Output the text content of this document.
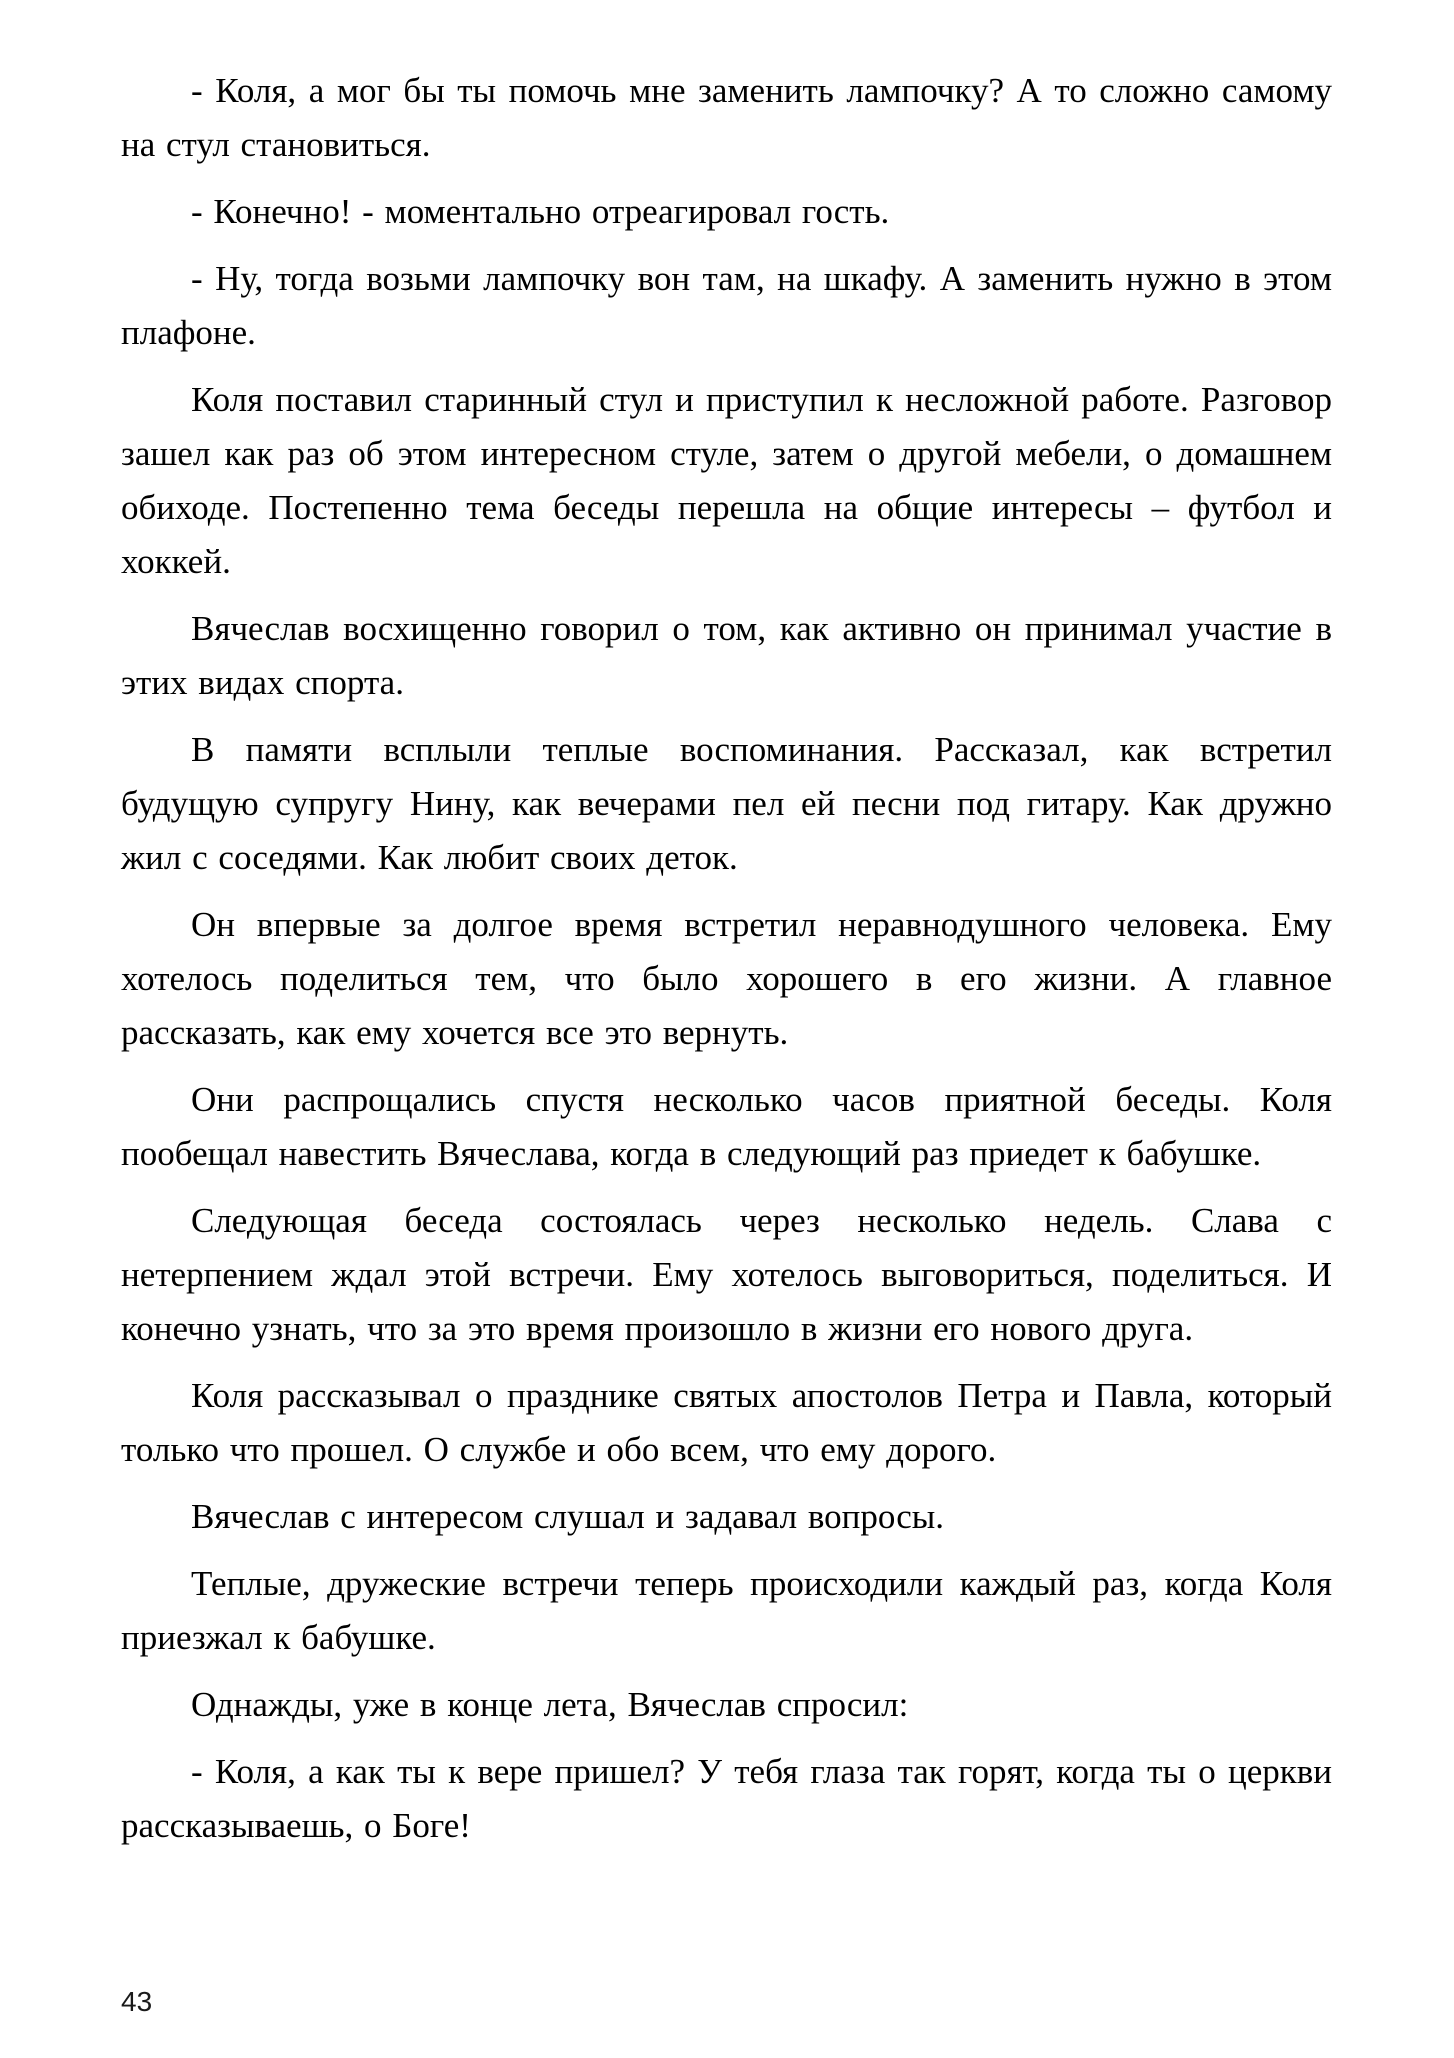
- Коля, а мог бы ты помочь мне заменить лампочку? А то сложно самому на стул становиться.

- Конечно! - моментально отреагировал гость.

- Ну, тогда возьми лампочку вон там, на шкафу. А заменить нужно в этом плафоне.

Коля поставил старинный стул и приступил к несложной работе. Разговор зашел как раз об этом интересном стуле, затем о другой мебели, о домашнем обиходе. Постепенно тема беседы перешла на общие интересы – футбол и хоккей.

Вячеслав восхищенно говорил о том, как активно он принимал участие в этих видах спорта.

В памяти всплыли теплые воспоминания. Рассказал, как встретил будущую супругу Нину, как вечерами пел ей песни под гитару. Как дружно жил с соседями. Как любит своих деток.

Он впервые за долгое время встретил неравнодушного человека. Ему хотелось поделиться тем, что было хорошего в его жизни. А главное рассказать, как ему хочется все это вернуть.

Они распрощались спустя несколько часов приятной беседы. Коля пообещал навестить Вячеслава, когда в следующий раз приедет к бабушке.

Следующая беседа состоялась через несколько недель. Слава с нетерпением ждал этой встречи. Ему хотелось выговориться, поделиться. И конечно узнать, что за это время произошло в жизни его нового друга.

Коля рассказывал о празднике святых апостолов Петра и Павла, который только что прошел. О службе и обо всем, что ему дорого.

Вячеслав с интересом слушал и задавал вопросы.

Теплые, дружеские встречи теперь происходили каждый раз, когда Коля приезжал к бабушке.

Однажды, уже в конце лета, Вячеслав спросил:

- Коля, а как ты к вере пришел? У тебя глаза так горят, когда ты о церкви рассказываешь, о Боге!

43
